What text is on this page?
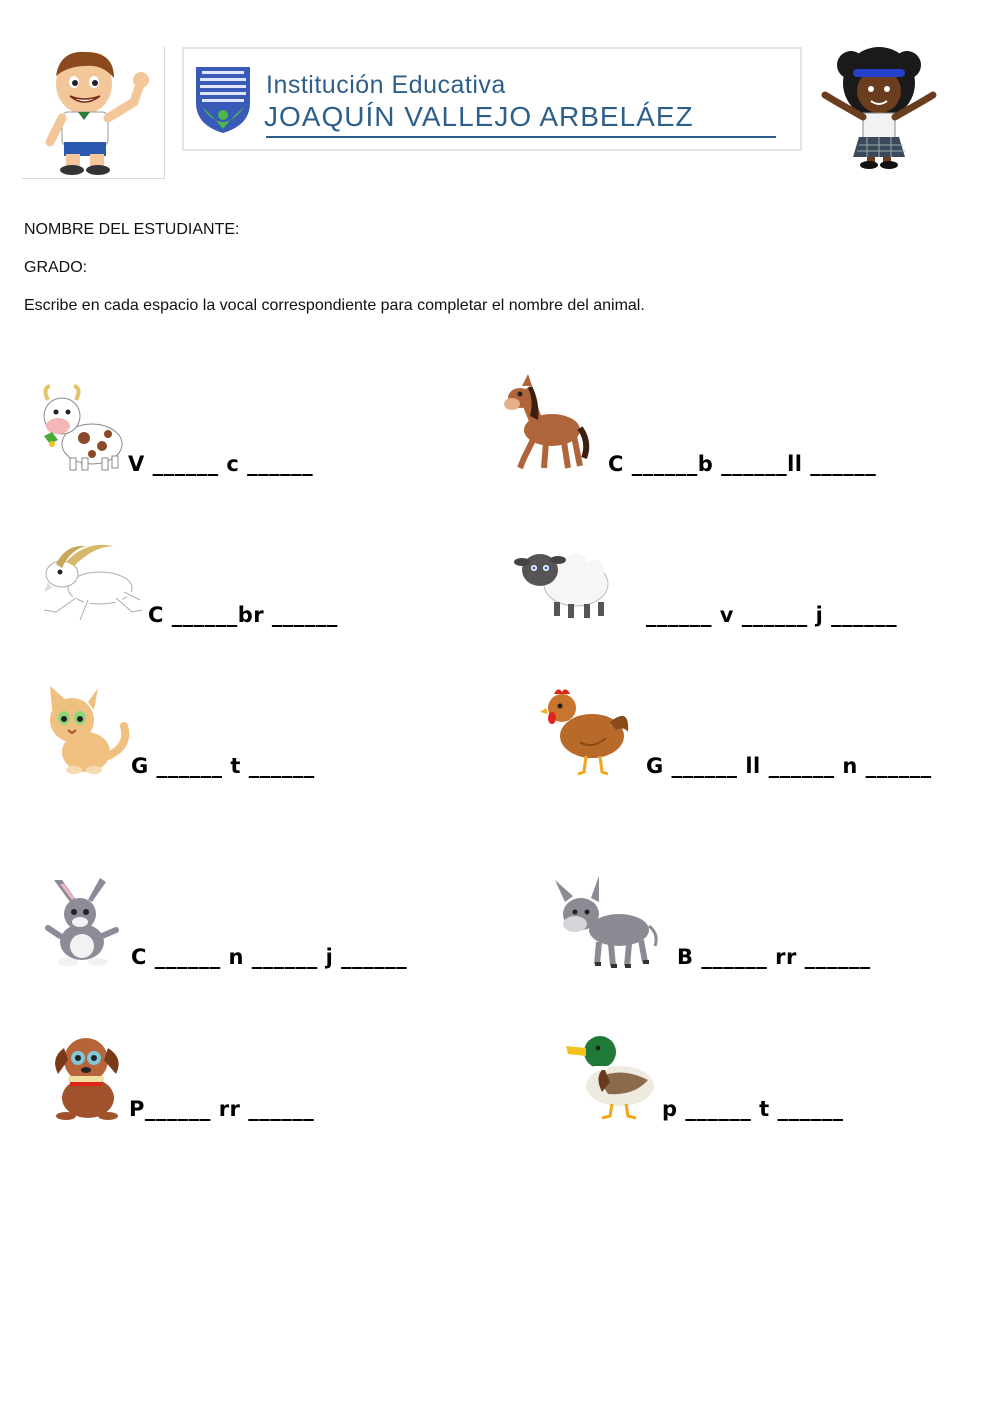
Institución Educativa
JOAQUÍN VALLEJO ARBELÁEZ
NOMBRE DEL ESTUDIANTE:
GRADO:
Escribe en cada espacio la vocal correspondiente para completar el nombre del animal.
V ______ c ______	C ______b ______ll ______
C ______br ______	______ v ______ j ______
G ______ t ______	G ______ ll ______ n ______
C ______ n ______ j ______	B ______ rr ______
P______ rr ______	p ______ t ______
